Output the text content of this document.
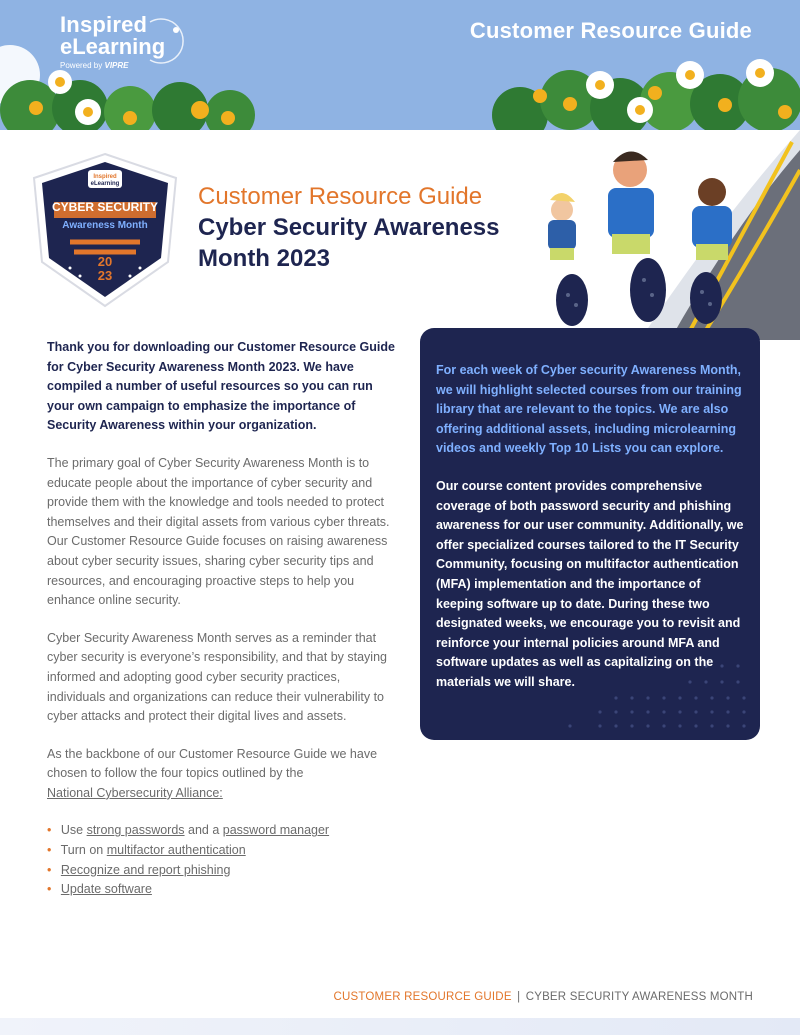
Inspired
eLearning
Powered by VIPRE
Customer Resource Guide
Inspired
eLearning
CYBER SECURITY
Awareness Month
20
23
Customer Resource Guide
Cyber Security Awareness Month 2023

Thank you for downloading our Customer Resource Guide for Cyber Security Awareness Month 2023. We have compiled a number of useful resources so you can run your own campaign to emphasize the importance of Security Awareness within your organization.

The primary goal of Cyber Security Awareness Month is to educate people about the importance of cyber security and provide them with the knowledge and tools needed to protect themselves and their digital assets from various cyber threats. Our Customer Resource Guide focuses on raising awareness about cyber security issues, sharing cyber security tips and resources, and encouraging proactive steps to help you enhance online security.

Cyber Security Awareness Month serves as a reminder that cyber security is everyone’s responsibility, and that by staying informed and adopting good cyber security practices, individuals and organizations can reduce their vulnerability to cyber attacks and protect their digital lives and assets.

As the backbone of our Customer Resource Guide we have chosen to follow the four topics outlined by the
National Cybersecurity Alliance:

• Use strong passwords and a password manager
• Turn on multifactor authentication
• Recognize and report phishing
• Update software

For each week of Cyber security Awareness Month, we will highlight selected courses from our training library that are relevant to the topics. We are also offering additional assets, including microlearning videos and weekly Top 10 Lists you can explore.

Our course content provides comprehensive coverage of both password security and phishing awareness for our user community. Additionally, we offer specialized courses tailored to the IT Security Community, focusing on multifactor authentication (MFA) implementation and the importance of keeping software up to date. During these two designated weeks, we encourage you to revisit and reinforce your internal policies around MFA and software updates as well as capitalizing on the materials we will share.

CUSTOMER RESOURCE GUIDE | CYBER SECURITY AWARENESS MONTH
